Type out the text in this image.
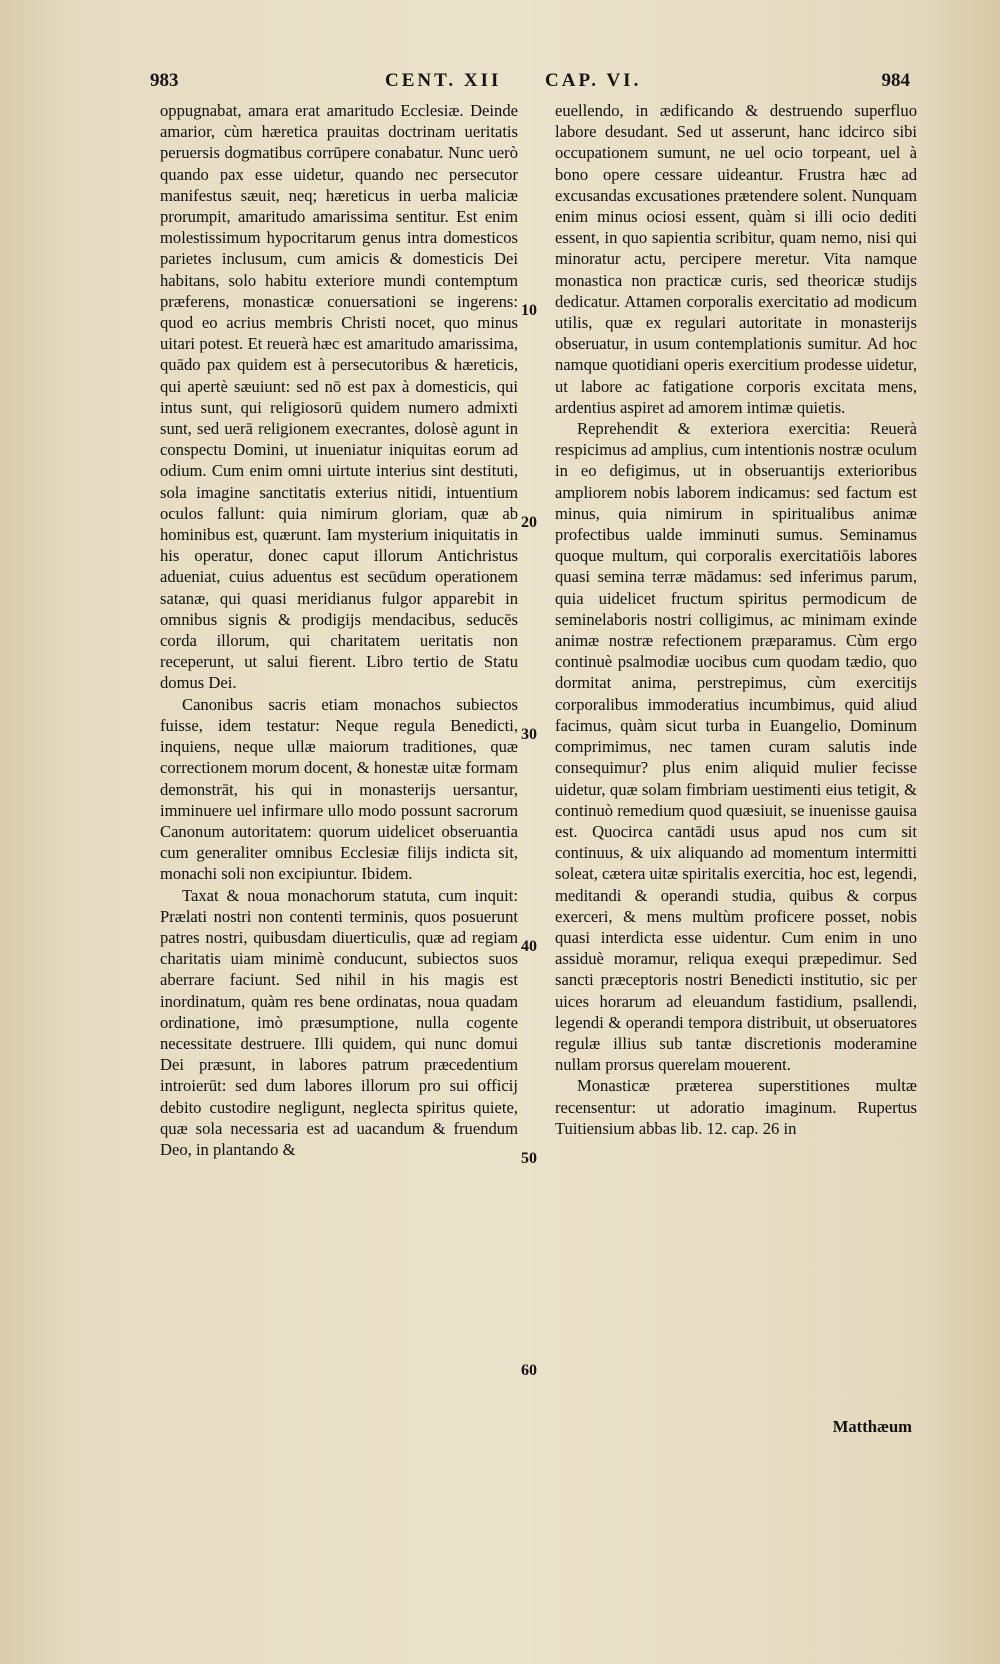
983	CENT. XII CAP. VI.	984

oppugnabat, amara erat amaritudo Ecclesiæ. Deinde amarior, cùm hæretica prauitas doctrinam ueritatis peruersis dogmatibus corrūpere conabatur. Nunc uerò quando pax esse uidetur, quando nec persecutor manifestus sæuit, neq; hæreticus in uerba maliciæ prorumpit, amaritudo amarissima sentitur. Est enim molestissimum hypocritarum genus intra domesticos parietes inclusum, cum amicis & domesticis Dei habitans, solo habitu exteriore mundi contemptum præferens, monasticæ conuersationi se ingerens: quod eo acrius membris Christi nocet, quo minus uitari potest. Et reuerà hæc est amaritudo amarissima, quādo pax quidem est à persecutoribus & hæreticis, qui apertè sæuiunt: sed nō est pax à domesticis, qui intus sunt, qui religiosorū quidem numero admixti sunt, sed uerā religionem execrantes, dolosè agunt in conspectu Domini, ut inueniatur iniquitas eorum ad odium. Cum enim omni uirtute interius sint destituti, sola imagine sanctitatis exterius nitidi, intuentium oculos fallunt: quia nimirum gloriam, quæ ab hominibus est, quærunt. Iam mysterium iniquitatis in his operatur, donec caput illorum Antichristus adueniat, cuius aduentus est secūdum operationem satanæ, qui quasi meridianus fulgor apparebit in omnibus signis & prodigijs mendacibus, seducēs corda illorum, qui charitatem ueritatis non receperunt, ut salui fierent. Libro tertio de Statu domus Dei.

Canonibus sacris etiam monachos subiectos fuisse, idem testatur: Neque regula Benedicti, inquiens, neque ullæ maiorum traditiones, quæ correctionem morum docent, & honestæ uitæ formam demonstrāt, his qui in monasterijs uersantur, imminuere uel infirmare ullo modo possunt sacrorum Canonum autoritatem: quorum uidelicet obseruantia cum generaliter omnibus Ecclesiæ filijs indicta sit, monachi soli non excipiuntur. Ibidem.

Taxat & noua monachorum statuta, cum inquit: Prælati nostri non contenti terminis, quos posuerunt patres nostri, quibusdam diuerticulis, quæ ad regiam charitatis uiam minimè conducunt, subiectos suos aberrare faciunt. Sed nihil in his magis est inordinatum, quàm res bene ordinatas, noua quadam ordinatione, imò præsumptione, nulla cogente necessitate destruere. Illi quidem, qui nunc domui Dei præsunt, in labores patrum præcedentium introierūt: sed dum labores illorum pro sui officij debito custodire negligunt, neglecta spiritus quiete, quæ sola necessaria est ad uacandum & fruendum Deo, in plantando &

euellendo, in ædificando & destruendo superfluo labore desudant. Sed ut asserunt, hanc idcirco sibi occupationem sumunt, ne uel ocio torpeant, uel à bono opere cessare uideantur. Frustra hæc ad excusandas excusationes prætendere solent. Nunquam enim minus ociosi essent, quàm si illi ocio dediti essent, in quo sapientia scribitur, quam nemo, nisi qui minoratur actu, percipere meretur. Vita namque monastica non practicæ curis, sed theoricæ studijs dedicatur. Attamen corporalis exercitatio ad modicum utilis, quæ ex regulari autoritate in monasterijs obseruatur, in usum contemplationis sumitur. Ad hoc namque quotidiani operis exercitium prodesse uidetur, ut labore ac fatigatione corporis excitata mens, ardentius aspiret ad amorem intimæ quietis.

Reprehendit & exteriora exercitia: Reuerà respicimus ad amplius, cum intentionis nostræ oculum in eo defigimus, ut in obseruantijs exterioribus ampliorem nobis laborem indicamus: sed factum est minus, quia nimirum in spiritualibus animæ profectibus ualde imminuti sumus. Seminamus quoque multum, qui corporalis exercitatiōis labores quasi semina terræ mādamus: sed inferimus parum, quia uidelicet fructum spiritus permodicum de seminelaboris nostri colligimus, ac minimam exinde animæ nostræ refectionem præparamus. Cùm ergo continuè psalmodiæ uocibus cum quodam tædio, quo dormitat anima, perstrepimus, cùm exercitijs corporalibus immoderatius incumbimus, quid aliud facimus, quàm sicut turba in Euangelio, Dominum comprimimus, nec tamen curam salutis inde consequimur? plus enim aliquid mulier fecisse uidetur, quæ solam fimbriam uestimenti eius tetigit, & continuò remedium quod quæsiuit, se inuenisse gauisa est. Quocirca cantādi usus apud nos cum sit continuus, & uix aliquando ad momentum intermitti soleat, cætera uitæ spiritalis exercitia, hoc est, legendi, meditandi & operandi studia, quibus & corpus exerceri, & mens multùm proficere posset, nobis quasi interdicta esse uidentur. Cum enim in uno assiduè moramur, reliqua exequi præpedimur. Sed sancti præceptoris nostri Benedicti institutio, sic per uices horarum ad eleuandum fastidium, psallendi, legendi & operandi tempora distribuit, ut obseruatores regulæ illius sub tantæ discretionis moderamine nullam prorsus querelam mouerent.

Monasticæ præterea superstitiones multæ recensentur: ut adoratio imaginum. Rupertus Tuitiensium abbas lib. 12. cap. 26 in

10
20
30
40
50
60
Matthæum
